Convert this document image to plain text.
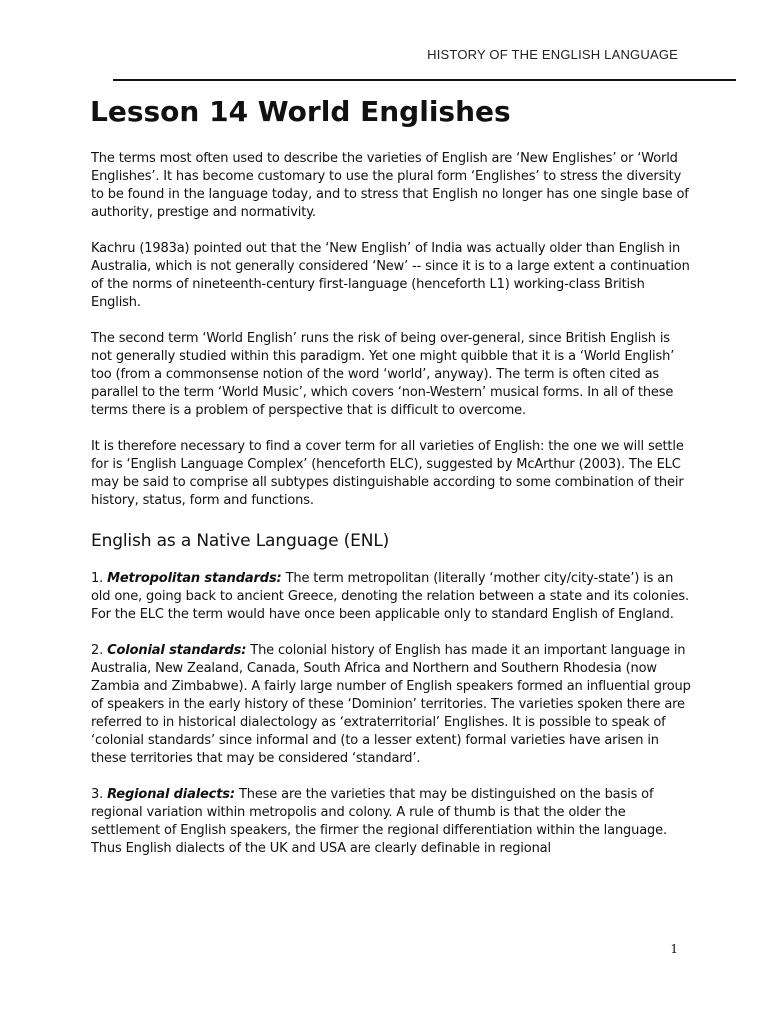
HISTORY OF THE ENGLISH LANGUAGE
Lesson 14 World Englishes

The terms most often used to describe the varieties of English are ‘New Englishes’ or ‘World Englishes’. It has become customary to use the plural form ‘Englishes’ to stress the diversity to be found in the language today, and to stress that English no longer has one single base of authority, prestige and normativity.

Kachru (1983a) pointed out that the ‘New English’ of India was actually older than English in Australia, which is not generally considered ‘New’ -- since it is to a large extent a continuation of the norms of nineteenth-century first-language (henceforth L1) working-class British English.

The second term ‘World English’ runs the risk of being over-general, since British English is not generally studied within this paradigm. Yet one might quibble that it is a ‘World English’ too (from a commonsense notion of the word ‘world’, anyway). The term is often cited as parallel to the term ‘World Music’, which covers ‘non-Western’ musical forms. In all of these terms there is a problem of perspective that is difficult to overcome.

It is therefore necessary to find a cover term for all varieties of English: the one we will settle for is ‘English Language Complex’ (henceforth ELC), suggested by McArthur (2003). The ELC may be said to comprise all subtypes distinguishable according to some combination of their history, status, form and functions.

English as a Native Language (ENL)

1. Metropolitan standards: The term metropolitan (literally ‘mother city/city-state’) is an old one, going back to ancient Greece, denoting the relation between a state and its colonies. For the ELC the term would have once been applicable only to standard English of England.

2. Colonial standards: The colonial history of English has made it an important language in Australia, New Zealand, Canada, South Africa and Northern and Southern Rhodesia (now Zambia and Zimbabwe). A fairly large number of English speakers formed an influential group of speakers in the early history of these ‘Dominion’ territories. The varieties spoken there are referred to in historical dialectology as ‘extraterritorial’ Englishes. It is possible to speak of ‘colonial standards’ since informal and (to a lesser extent) formal varieties have arisen in these territories that may be considered ‘standard’.

3. Regional dialects: These are the varieties that may be distinguished on the basis of regional variation within metropolis and colony. A rule of thumb is that the older the settlement of English speakers, the firmer the regional differentiation within the language. Thus English dialects of the UK and USA are clearly definable in regional

1
